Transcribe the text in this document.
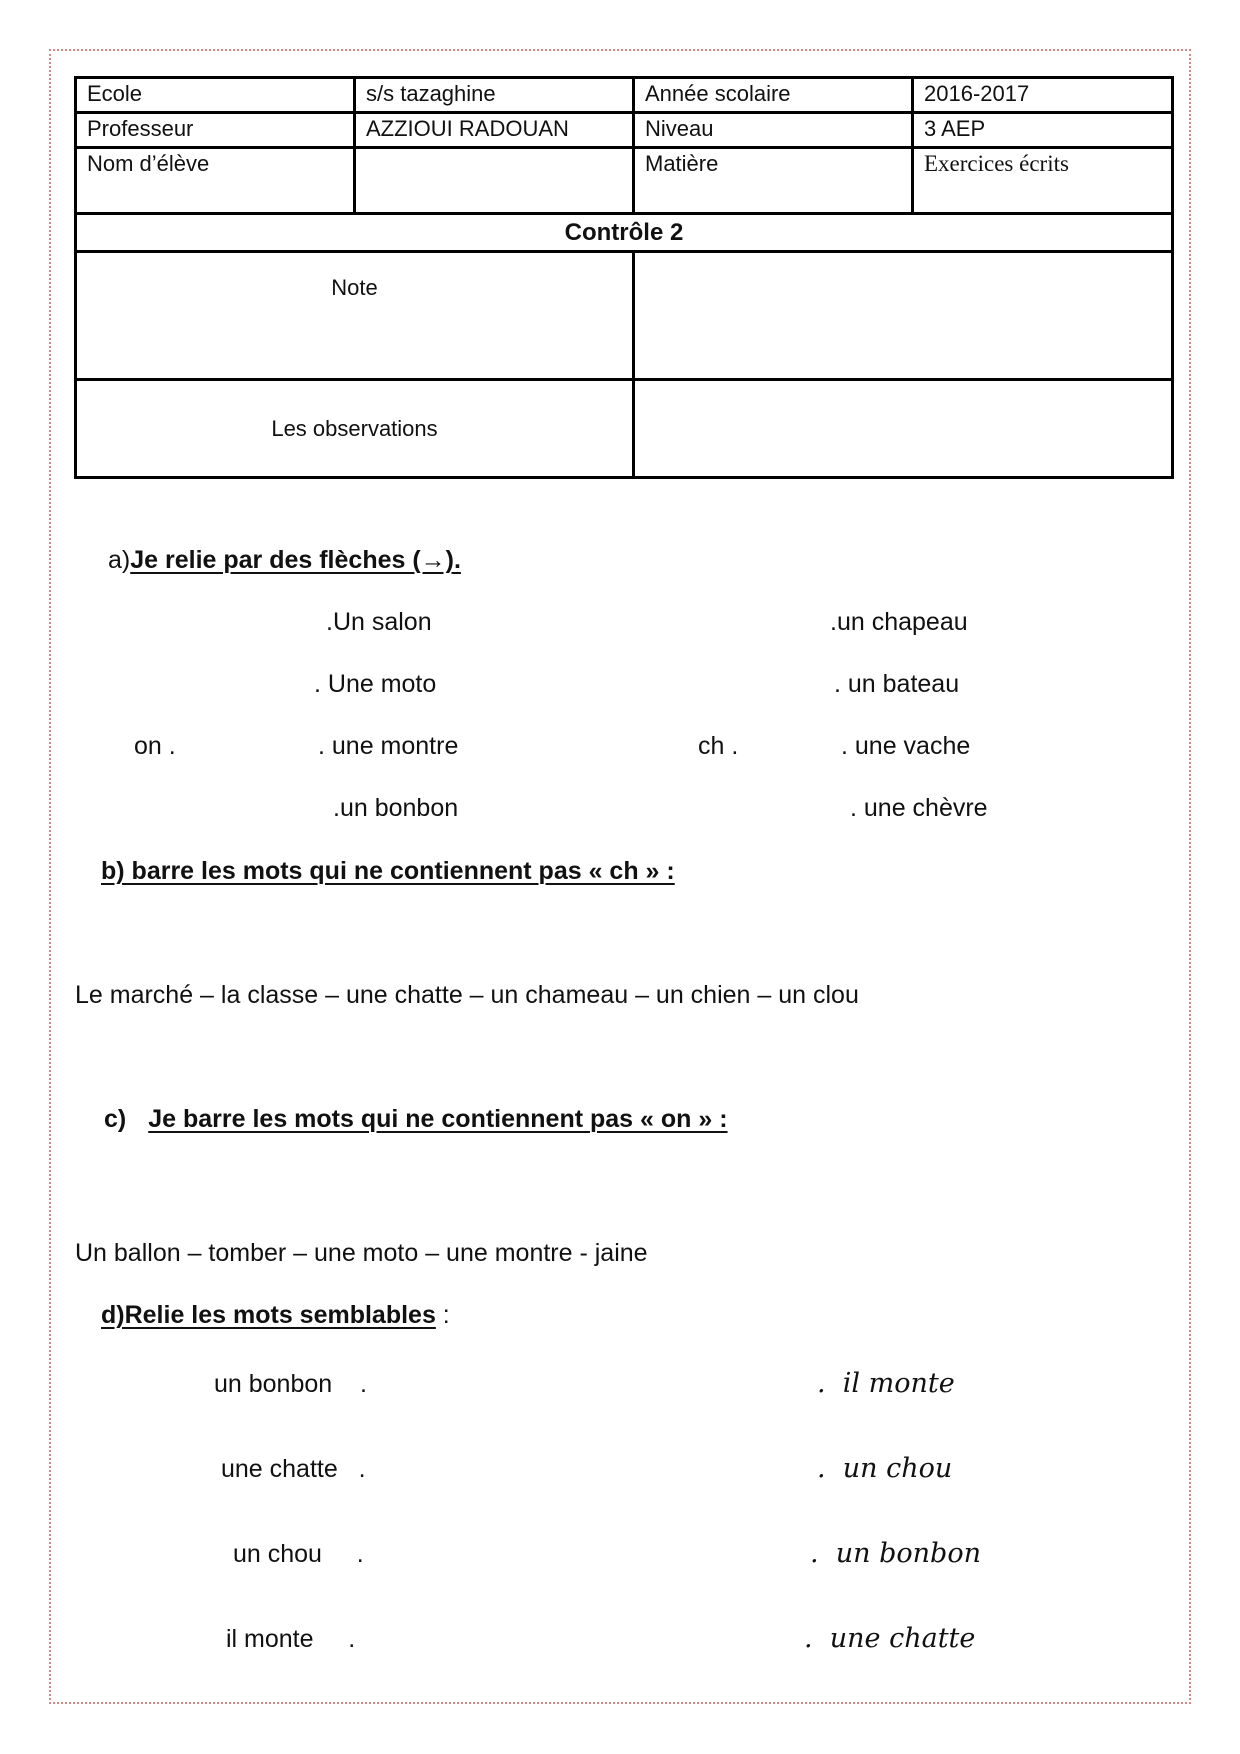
Ecole	s/s tazaghine	Année scolaire	2016-2017
Professeur	AZZIOUI RADOUAN	Niveau	3 AEP
Nom d’élève		Matière	Exercices écrits
Contrôle 2			
Note			
Les observations			
a)Je relie par des flèches (→).
.Un salon
. Une moto
. une montre
.un bonbon
on .	ch .
.un chapeau
. un bateau
. une vache
. une chèvre
b) barre les mots qui ne contiennent pas « ch » :
Le marché – la classe – une chatte – un chameau – un chien – un clou
c) Je barre les mots qui ne contiennent pas « on » :
Un ballon – tomber – une moto – une montre - jaine
d)Relie les mots semblables :
un bonbon    .
une chatte   .
un chou     .
il monte     .
.  il monte
.  un chou
.  un bonbon
.  une chatte
